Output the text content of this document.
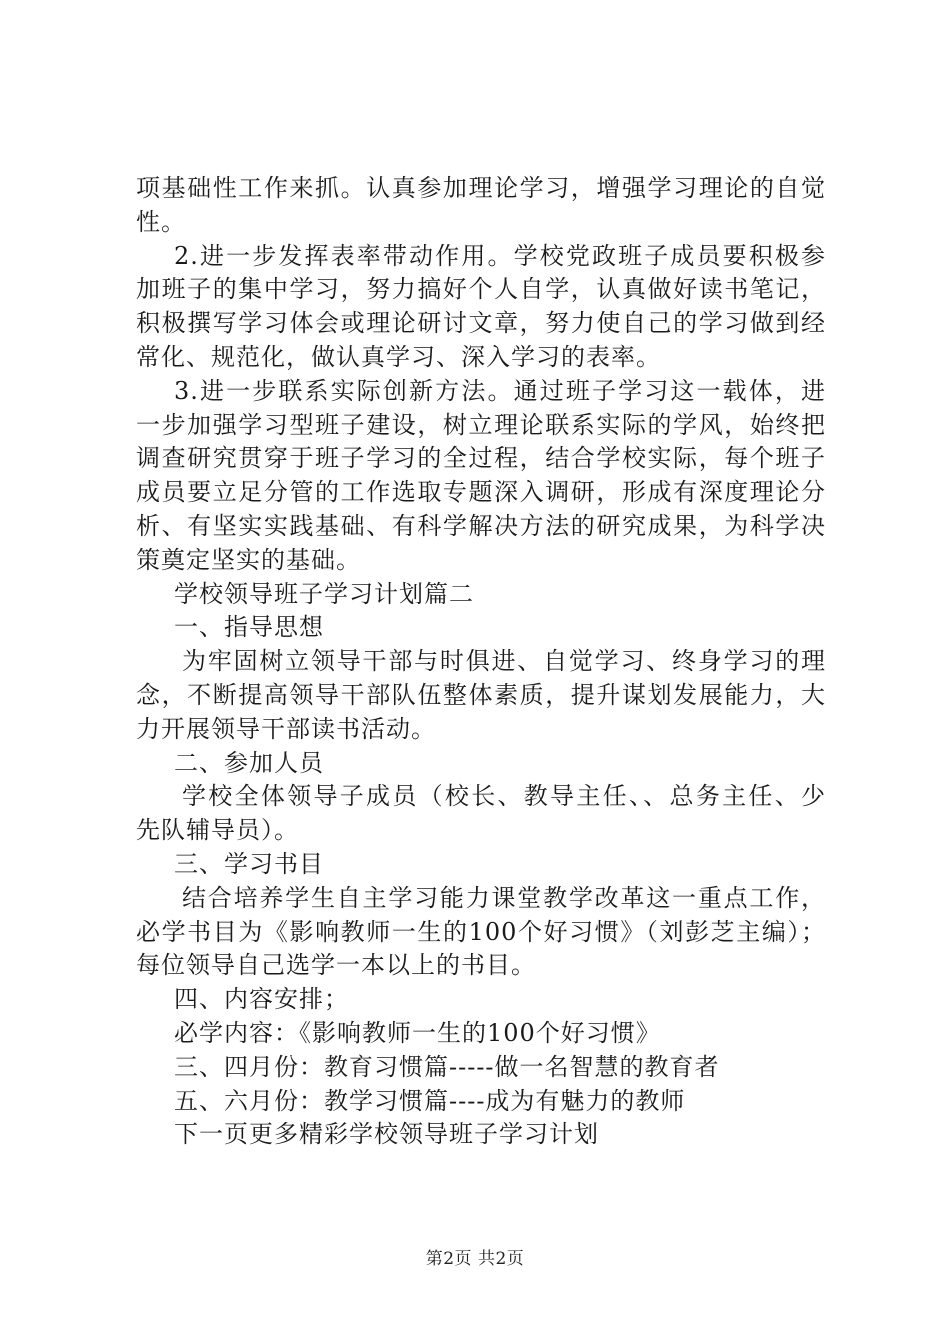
项基础性工作来抓。认真参加理论学习，增强学习理论的自觉
性。
2.进一步发挥表率带动作用。学校党政班子成员要积极参
加班子的集中学习，努力搞好个人自学，认真做好读书笔记，
积极撰写学习体会或理论研讨文章，努力使自己的学习做到经
常化、规范化，做认真学习、深入学习的表率。
3.进一步联系实际创新方法。通过班子学习这一载体，进
一步加强学习型班子建设，树立理论联系实际的学风，始终把
调查研究贯穿于班子学习的全过程，结合学校实际，每个班子
成员要立足分管的工作选取专题深入调研，形成有深度理论分
析、有坚实实践基础、有科学解决方法的研究成果，为科学决
策奠定坚实的基础。
学校领导班子学习计划篇二
一、指导思想
为牢固树立领导干部与时俱进、自觉学习、终身学习的理
念，不断提高领导干部队伍整体素质，提升谋划发展能力，大
力开展领导干部读书活动。
二、参加人员
学校全体领导子成员（校长、教导主任、、总务主任、少
先队辅导员）。
三、学习书目
结合培养学生自主学习能力课堂教学改革这一重点工作，
必学书目为《影响教师一生的100个好习惯》（刘彭芝主编）；
每位领导自己选学一本以上的书目。
四、内容安排；
必学内容：《影响教师一生的100个好习惯》
三、四月份：教育习惯篇-----做一名智慧的教育者
五、六月份：教学习惯篇----成为有魅力的教师
下一页更多精彩学校领导班子学习计划
第2页 共2页
